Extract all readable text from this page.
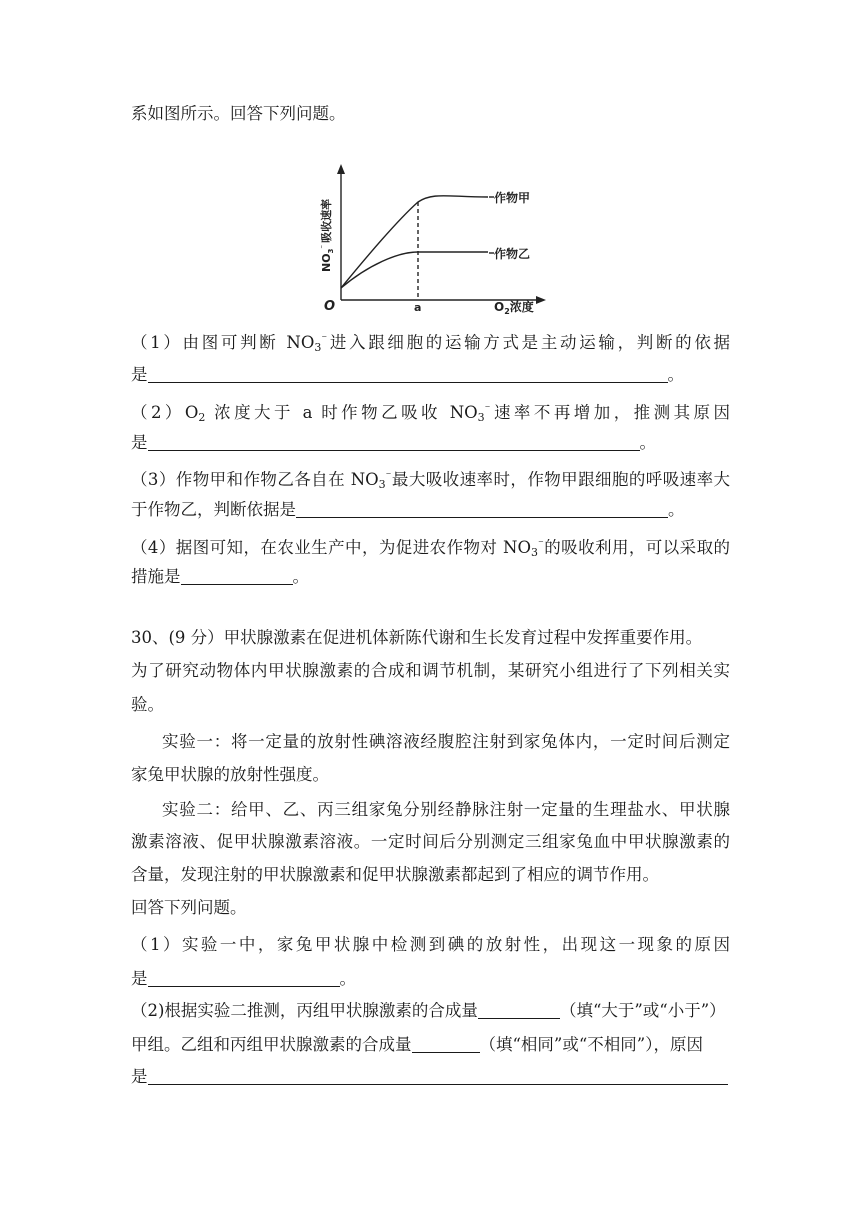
系如图所示。回答下列问题。
作物甲
作物乙
O	a	$O_2$浓度
$NO_3^{^-}$吸收速率
（1）由图可判断 $NO_3^{^-}$进入跟细胞的运输方式是主动运输，判断的依据
是	。
$(2)O_2$ 浓度大于 a 时作物乙吸收 $NO_3^{^-}$速率不再增加，推测其原因
是	。
（3）作物甲和作物乙各自在 $NO_3^{^-}$最大吸收速率时，作物甲跟细胞的呼吸速率大
于作物乙，判断依据是	。
（4）据图可知，在农业生产中，为促进农作物对 $NO_3^{^-}$的吸收利用，可以采取的
措施是	。
30、(9 分）甲状腺激素在促进机体新陈代谢和生长发育过程中发挥重要作用。
为了研究动物体内甲状腺激素的合成和调节机制，某研究小组进行了下列相关实
验。
实验一：将一定量的放射性碘溶液经腹腔注射到家兔体内，一定时间后测定
家兔甲状腺的放射性强度。
实验二：给甲、乙、丙三组家兔分别经静脉注射一定量的生理盐水、甲状腺
激素溶液、促甲状腺激素溶液。一定时间后分别测定三组家兔血中甲状腺激素的
含量，发现注射的甲状腺激素和促甲状腺激素都起到了相应的调节作用。
回答下列问题。
（1）实验一中，家兔甲状腺中检测到碘的放射性，出现这一现象的原因
是	。
（2)根据实验二推测，丙组甲状腺激素的合成量	（填“大于”或“小于”）
甲组。乙组和丙组甲状腺激素的合成量	（填“相同”或“不相同”），原因
是
